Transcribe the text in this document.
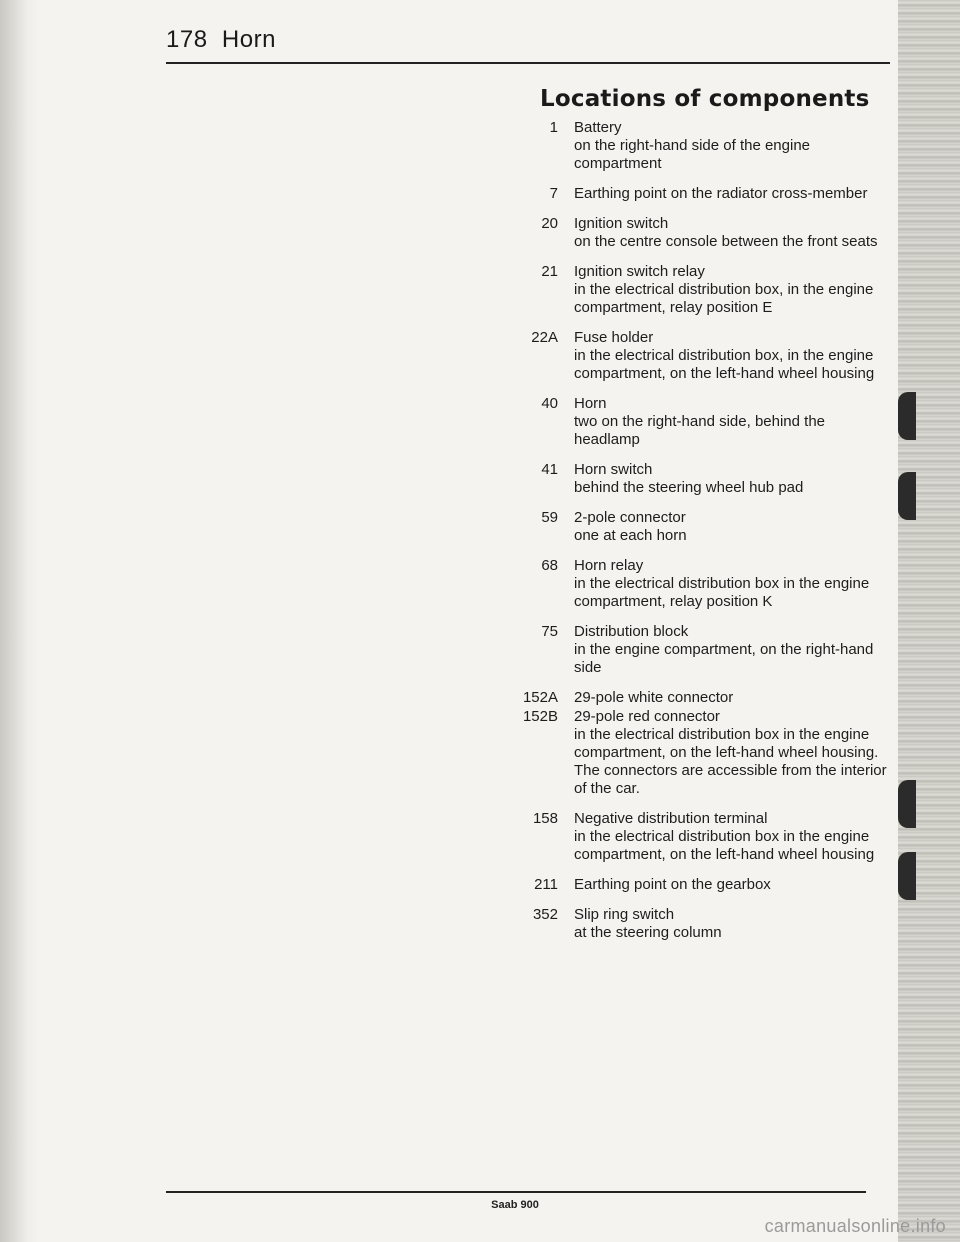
178 Horn
Locations of components
1 Battery
on the right-hand side of the engine compartment
7 Earthing point on the radiator cross-member
20 Ignition switch
on the centre console between the front seats
21 Ignition switch relay
in the electrical distribution box, in the engine compartment, relay position E
22A Fuse holder
in the electrical distribution box, in the engine compartment, on the left-hand wheel housing
40 Horn
two on the right-hand side, behind the headlamp
41 Horn switch
behind the steering wheel hub pad
59 2-pole connector
one at each horn
68 Horn relay
in the electrical distribution box in the engine compartment, relay position K
75 Distribution block
in the engine compartment, on the right-hand side
152A
152B
29-pole white connector
29-pole red connector
in the electrical distribution box in the engine compartment, on the left-hand wheel housing. The connectors are accessible from the interior of the car.
158 Negative distribution terminal
in the electrical distribution box in the engine compartment, on the left-hand wheel housing
211 Earthing point on the gearbox
352 Slip ring switch
at the steering column
Saab 900
carmanualsonline.info
